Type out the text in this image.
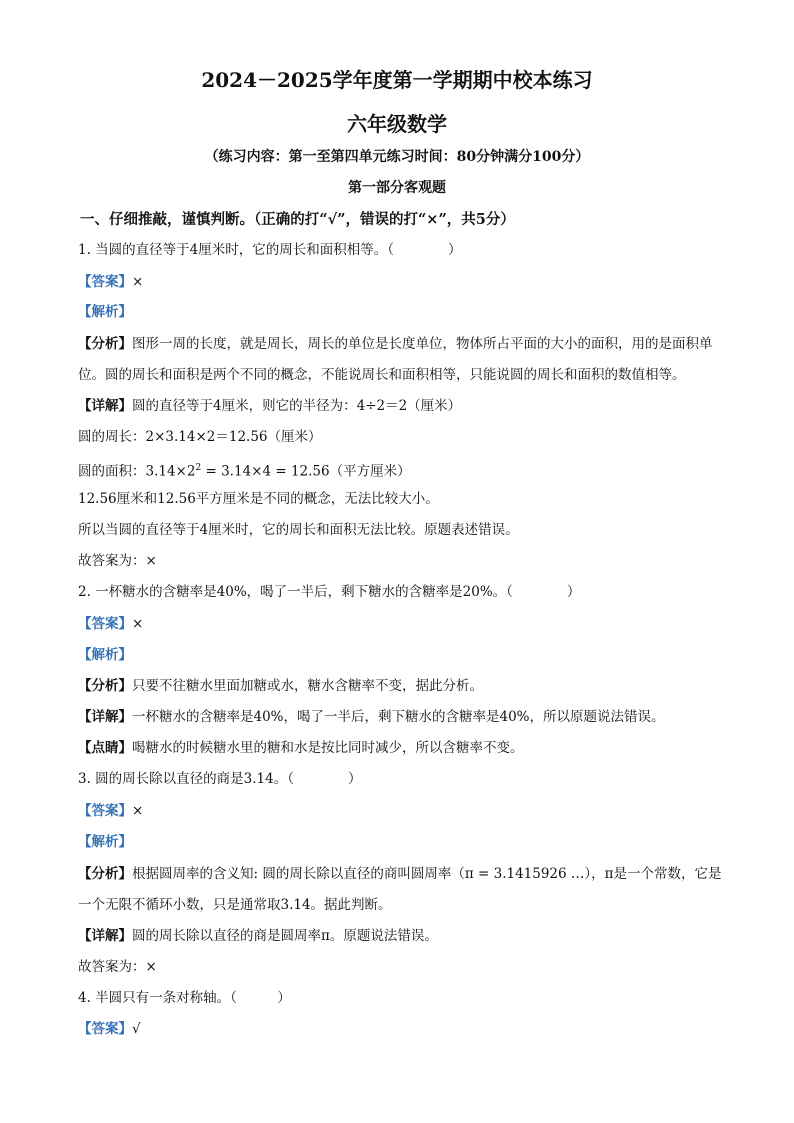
2024－2025学年度第一学期期中校本练习
六年级数学
（练习内容：第一至第四单元练习时间：80分钟满分100分）
第一部分客观题
一、仔细推敲，谨慎判断。（正确的打“√”，错误的打“×”，共5分）
1. 当圆的直径等于4厘米时，它的周长和面积相等。（　　　　）
【答案】×
【解析】
【分析】图形一周的长度，就是周长，周长的单位是长度单位，物体所占平面的大小的面积，用的是面积单位。圆的周长和面积是两个不同的概念，不能说周长和面积相等，只能说圆的周长和面积的数值相等。
【详解】圆的直径等于4厘米，则它的半径为：4÷2＝2（厘米）
圆的周长：2×3.14×2＝12.56（厘米）
圆的面积：$3.14\times 2^2 = 3.14\times 4 = 12.56$（平方厘米）
12.56厘米和12.56平方厘米是不同的概念，无法比较大小。
所以当圆的直径等于4厘米时，它的周长和面积无法比较。原题表述错误。
故答案为：×
2. 一杯糖水的含糖率是40%，喝了一半后，剩下糖水的含糖率是20%。（　　　　）
【答案】×
【解析】
【分析】只要不往糖水里面加糖或水，糖水含糖率不变，据此分析。
【详解】一杯糖水的含糖率是40%，喝了一半后，剩下糖水的含糖率是40%，所以原题说法错误。
【点睛】喝糖水的时候糖水里的糖和水是按比同时减少，所以含糖率不变。
3. 圆的周长除以直径的商是3.14。（　　　　）
【答案】×
【解析】
【分析】根据圆周率的含义知: 圆的周长除以直径的商叫圆周率（π = 3.1415926 …），π是一个常数，它是一个无限不循环小数，只是通常取3.14。据此判断。
【详解】圆的周长除以直径的商是圆周率π。原题说法错误。
故答案为：×
4. 半圆只有一条对称轴。（　　　）
【答案】√
